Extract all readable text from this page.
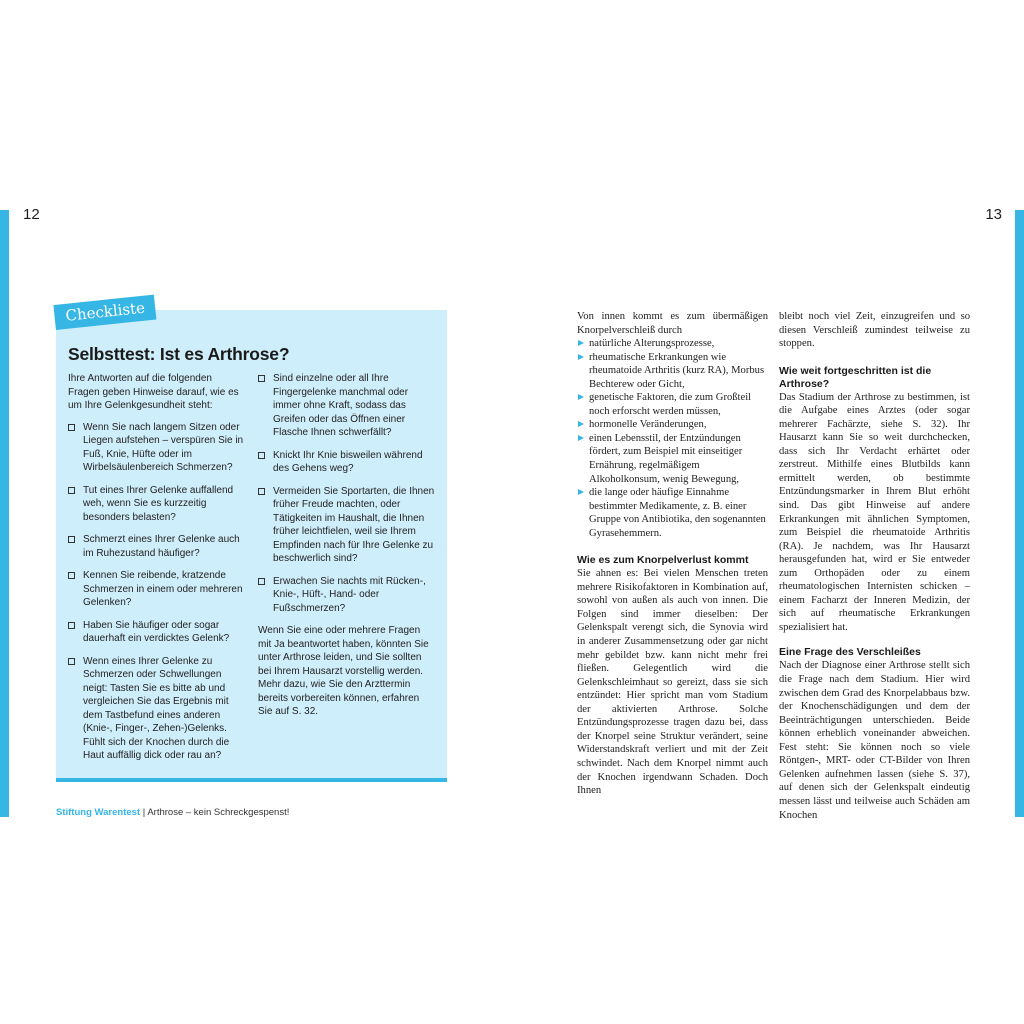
12	13
Checkliste
Selbsttest: Ist es Arthrose?

Ihre Antworten auf die folgenden Fragen geben Hinweise darauf, wie es um Ihre Gelenkgesundheit steht:

Wenn Sie nach langem Sitzen oder Liegen aufstehen – verspüren Sie in Fuß, Knie, Hüfte oder im Wirbelsäulenbereich Schmerzen?
Tut eines Ihrer Gelenke auffallend weh, wenn Sie es kurzzeitig besonders belasten?
Schmerzt eines Ihrer Gelenke auch im Ruhezustand häufiger?
Kennen Sie reibende, kratzende Schmerzen in einem oder mehreren Gelenken?
Haben Sie häufiger oder sogar dauerhaft ein verdicktes Gelenk?
Wenn eines Ihrer Gelenke zu Schmerzen oder Schwellungen neigt: Tasten Sie es bitte ab und vergleichen Sie das Ergebnis mit dem Tastbefund eines anderen (Knie-, Finger-, Zehen-)Gelenks. Fühlt sich der Knochen durch die Haut auffällig dick oder rau an?
Sind einzelne oder all Ihre Fingergelenke manchmal oder immer ohne Kraft, sodass das Greifen oder das Öffnen einer Flasche Ihnen schwerfällt?
Knickt Ihr Knie bisweilen während des Gehens weg?
Vermeiden Sie Sportarten, die Ihnen früher Freude machten, oder Tätigkeiten im Haushalt, die Ihnen früher leichtfielen, weil sie Ihrem Empfinden nach für Ihre Gelenke zu beschwerlich sind?
Erwachen Sie nachts mit Rücken-, Knie-, Hüft-, Hand- oder Fußschmerzen?

Wenn Sie eine oder mehrere Fragen mit Ja beantwortet haben, könnten Sie unter Arthrose leiden, und Sie sollten bei Ihrem Hausarzt vorstellig werden. Mehr dazu, wie Sie den Arzttermin bereits vorbereiten können, erfahren Sie auf S. 32.

Stiftung Warentest | Arthrose – kein Schreckgespenst!

Von innen kommt es zum übermäßigen Knorpelverschleiß durch

natürliche Alterungsprozesse,
rheumatische Erkrankungen wie rheumatoide Arthritis (kurz RA), Morbus Bechterew oder Gicht,
genetische Faktoren, die zum Großteil noch erforscht werden müssen,
hormonelle Veränderungen,
einen Lebensstil, der Entzündungen fördert, zum Beispiel mit einseitiger Ernährung, regelmäßigem Alkoholkonsum, wenig Bewegung,
die lange oder häufige Einnahme bestimmter Medikamente, z. B. einer Gruppe von Antibiotika, den sogenannten Gyrasehemmern.
Wie es zum Knorpelverlust kommt

Sie ahnen es: Bei vielen Menschen treten mehrere Risikofaktoren in Kombination auf, sowohl von außen als auch von innen. Die Folgen sind immer dieselben: Der Gelenkspalt verengt sich, die Synovia wird in anderer Zusammensetzung oder gar nicht mehr gebildet bzw. kann nicht mehr frei fließen. Gelegentlich wird die Gelenkschleimhaut so gereizt, dass sie sich entzündet: Hier spricht man vom Stadium der aktivierten Arthrose. Solche Entzündungsprozesse tragen dazu bei, dass der Knorpel seine Struktur verändert, seine Widerstandskraft verliert und mit der Zeit schwindet. Nach dem Knorpel nimmt auch der Knochen irgendwann Schaden. Doch Ihnen

bleibt noch viel Zeit, einzugreifen und so diesen Verschleiß zumindest teilweise zu stoppen.

Wie weit fortgeschritten ist die Arthrose?

Das Stadium der Arthrose zu bestimmen, ist die Aufgabe eines Arztes (oder sogar mehrerer Fachärzte, siehe S. 32). Ihr Hausarzt kann Sie so weit durchchecken, dass sich Ihr Verdacht erhärtet oder zerstreut. Mithilfe eines Blutbilds kann ermittelt werden, ob bestimmte Entzündungsmarker in Ihrem Blut erhöht sind. Das gibt Hinweise auf andere Erkrankungen mit ähnlichen Symptomen, zum Beispiel die rheumatoide Arthritis (RA). Je nachdem, was Ihr Hausarzt herausgefunden hat, wird er Sie entweder zum Orthopäden oder zu einem rheumatologischen Internisten schicken – einem Facharzt der Inneren Medizin, der sich auf rheumatische Erkrankungen spezialisiert hat.

Eine Frage des Verschleißes

Nach der Diagnose einer Arthrose stellt sich die Frage nach dem Stadium. Hier wird zwischen dem Grad des Knorpelabbaus bzw. der Knochenschädigungen und dem der Beeinträchtigungen unterschieden. Beide können erheblich voneinander abweichen. Fest steht: Sie können noch so viele Röntgen-, MRT- oder CT-Bilder von Ihren Gelenken aufnehmen lassen (siehe S. 37), auf denen sich der Gelenkspalt eindeutig messen lässt und teilweise auch Schäden am Knochen
